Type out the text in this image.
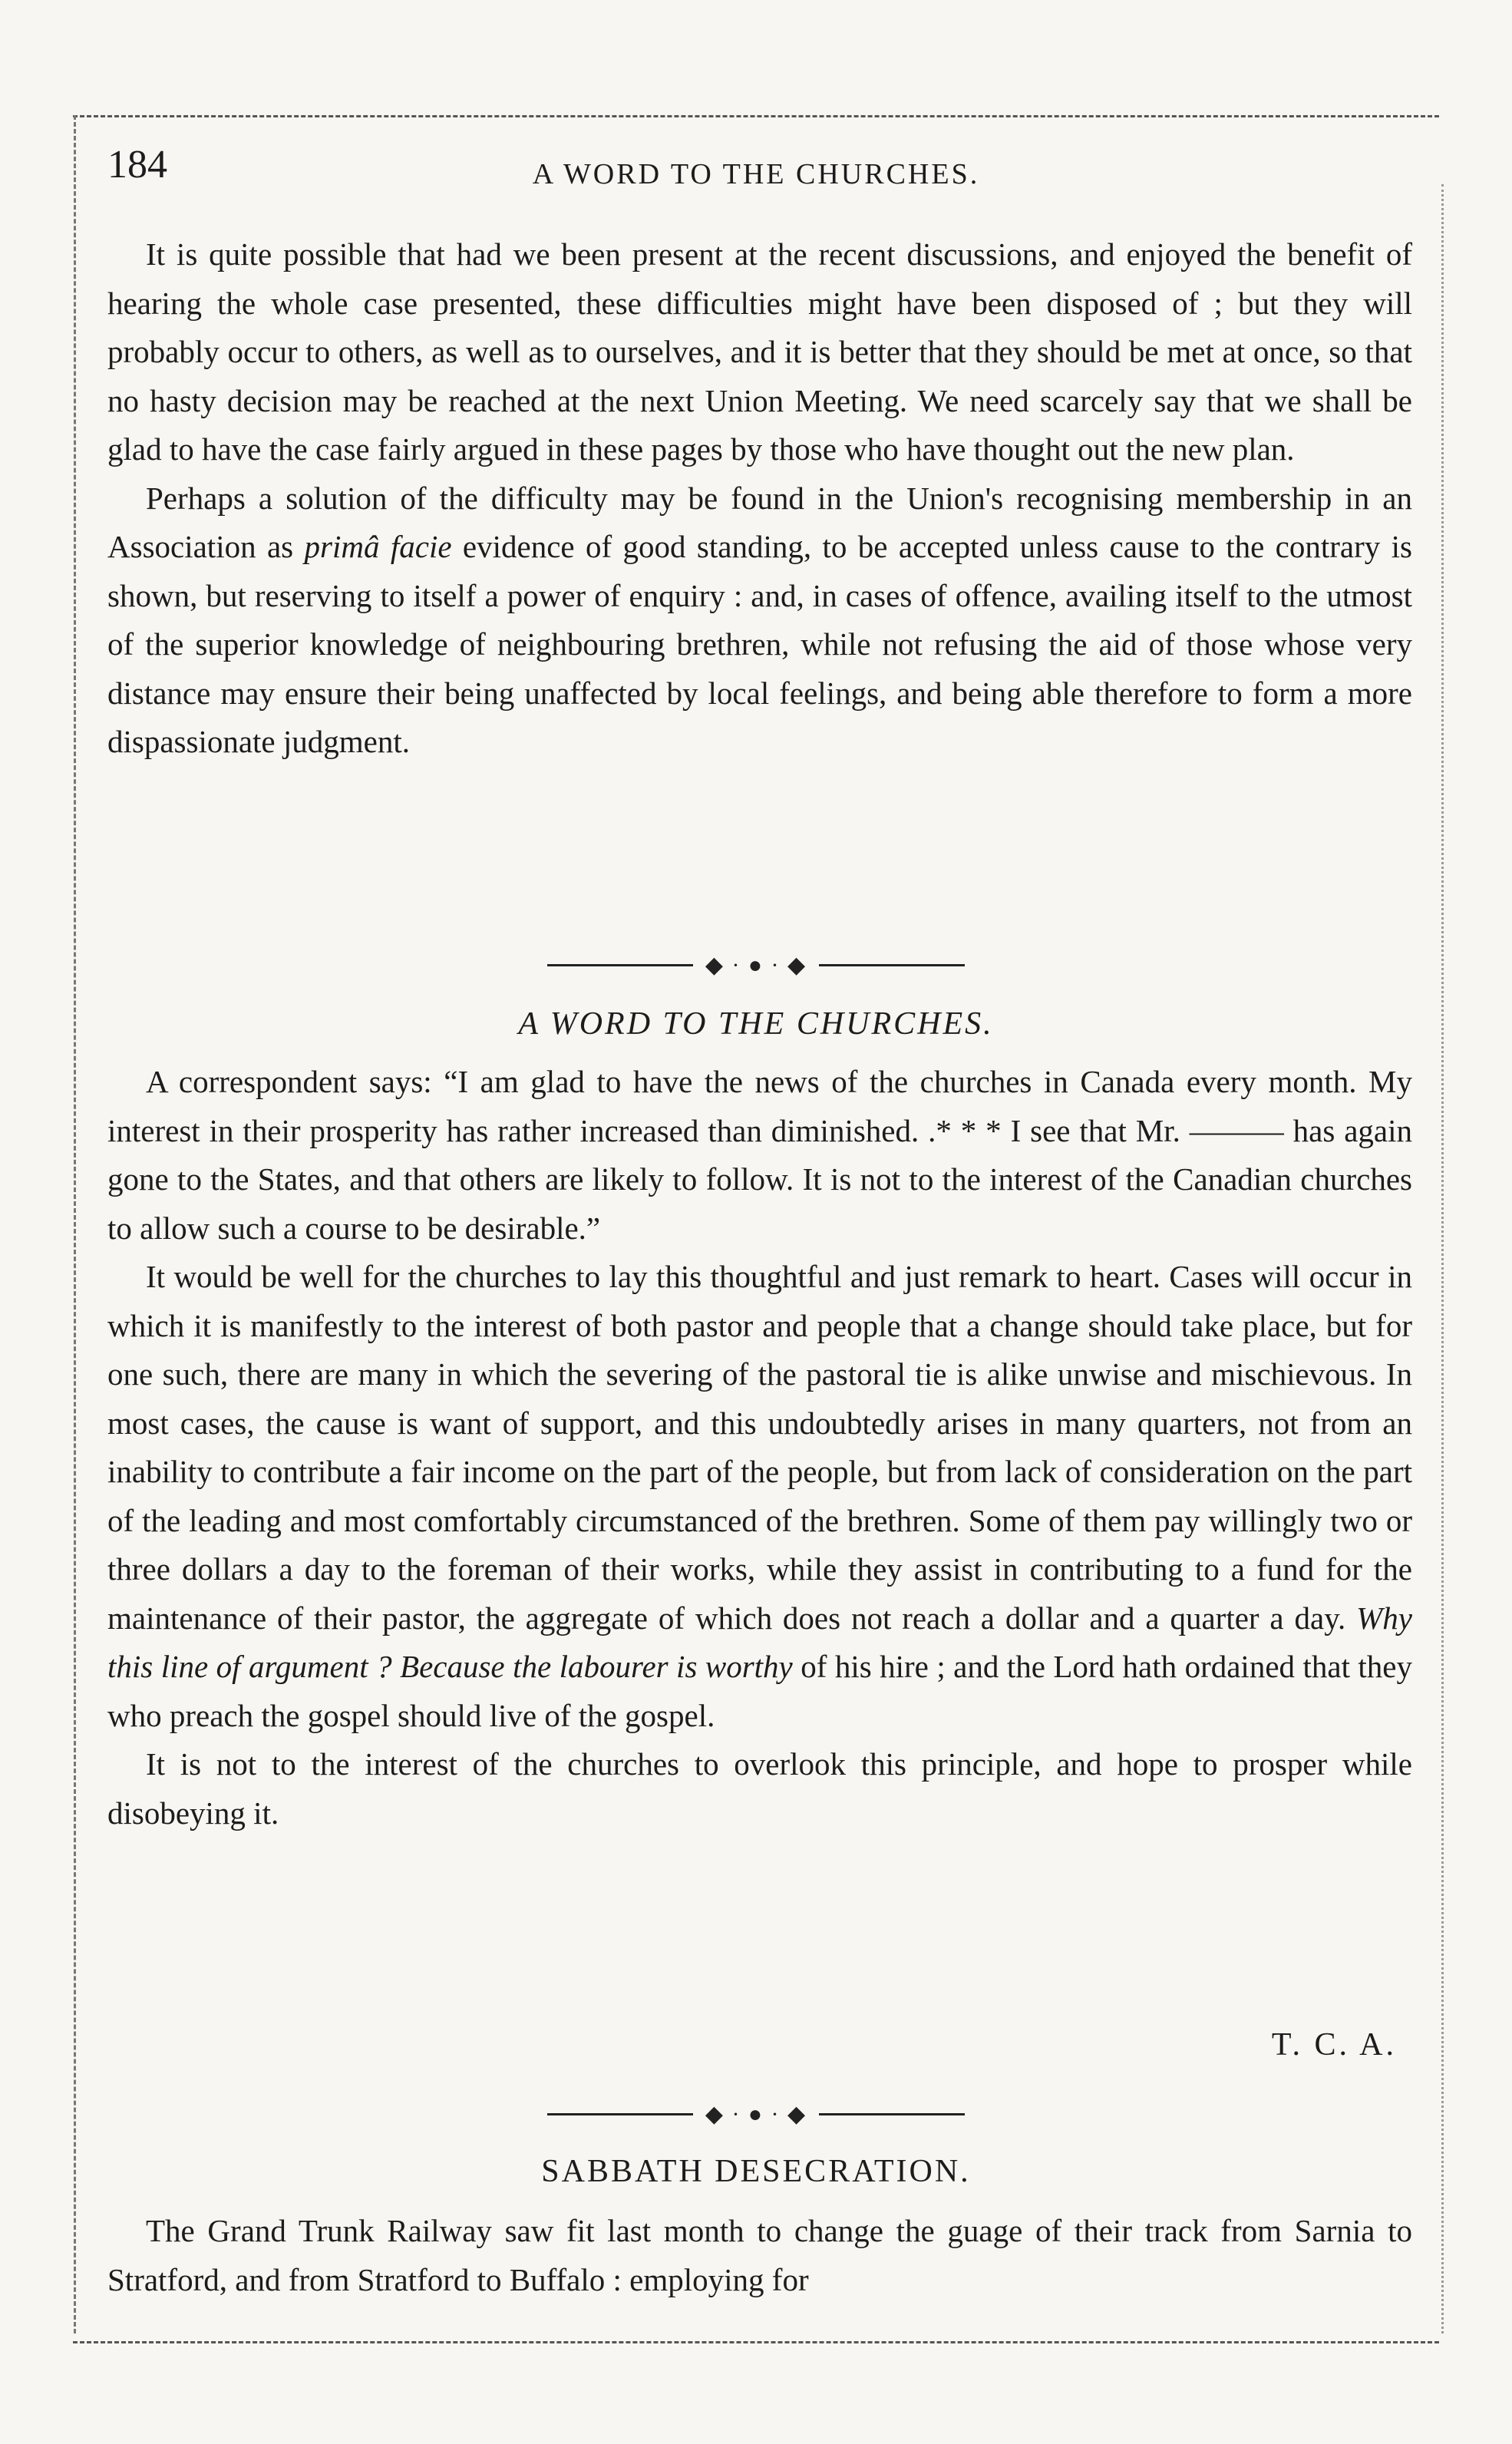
184	A WORD TO THE CHURCHES.

It is quite possible that had we been present at the recent discussions, and enjoyed the benefit of hearing the whole case presented, these difficulties might have been disposed of ; but they will probably occur to others, as well as to ourselves, and it is better that they should be met at once, so that no hasty decision may be reached at the next Union Meeting. We need scarcely say that we shall be glad to have the case fairly argued in these pages by those who have thought out the new plan.

Perhaps a solution of the difficulty may be found in the Union's recognising membership in an Association as primâ facie evidence of good standing, to be accepted unless cause to the contrary is shown, but reserving to itself a power of enquiry : and, in cases of offence, availing itself to the utmost of the superior knowledge of neighbouring brethren, while not refusing the aid of those whose very distance may ensure their being unaffected by local feelings, and being able therefore to form a more dispassionate judgment.

◆ · ● · ◆
A WORD TO THE CHURCHES.

A correspondent says: “I am glad to have the news of the churches in Canada every month. My interest in their prosperity has rather increased than diminished. .* * * I see that Mr. ——— has again gone to the States, and that others are likely to follow. It is not to the interest of the Canadian churches to allow such a course to be desirable.”

It would be well for the churches to lay this thoughtful and just remark to heart. Cases will occur in which it is manifestly to the interest of both pastor and people that a change should take place, but for one such, there are many in which the severing of the pastoral tie is alike unwise and mischievous. In most cases, the cause is want of support, and this undoubtedly arises in many quarters, not from an inability to contribute a fair income on the part of the people, but from lack of consideration on the part of the leading and most comfortably circumstanced of the brethren. Some of them pay willingly two or three dollars a day to the foreman of their works, while they assist in contributing to a fund for the maintenance of their pastor, the aggregate of which does not reach a dollar and a quarter a day. Why this line of argument ? Because the labourer is worthy of his hire ; and the Lord hath ordained that they who preach the gospel should live of the gospel.

It is not to the interest of the churches to overlook this principle, and hope to prosper while disobeying it.

T. C. A.
◆ · ● · ◆
SABBATH DESECRATION.

The Grand Trunk Railway saw fit last month to change the guage of their track from Sarnia to Stratford, and from Stratford to Buffalo : employing for
